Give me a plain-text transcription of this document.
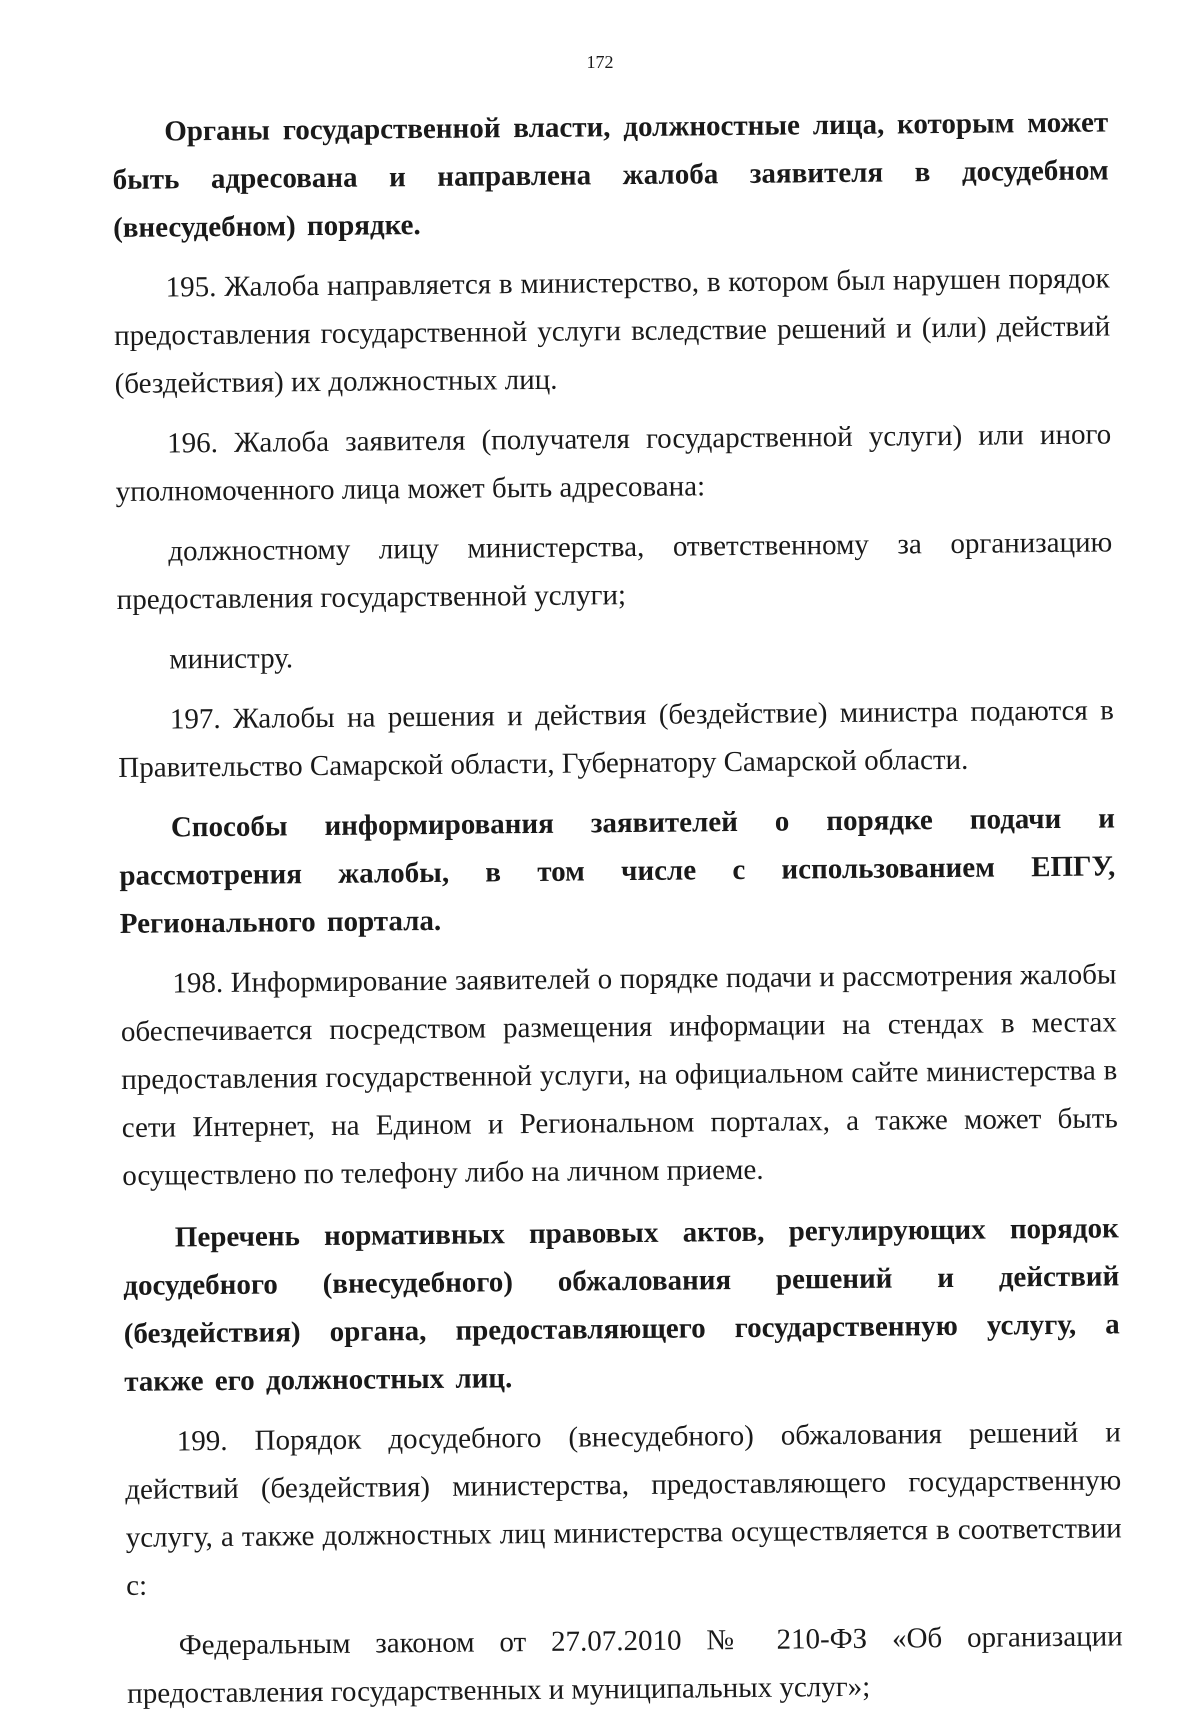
172

Органы государственной власти, должностные лица, которым может быть адресована и направлена жалоба заявителя в досудебном (внесудебном) порядке.

195. Жалоба направляется в министерство, в котором был нарушен порядок предоставления государственной услуги вследствие решений и (или) действий (бездействия) их должностных лиц.

196. Жалоба заявителя (получателя государственной услуги) или иного уполномоченного лица может быть адресована:

должностному лицу министерства, ответственному за организацию предоставления государственной услуги;

министру.

197. Жалобы на решения и действия (бездействие) министра подаются в Правительство Самарской области, Губернатору Самарской области.

Способы информирования заявителей о порядке подачи и рассмотрения жалобы, в том числе с использованием ЕПГУ, Регионального портала.

198. Информирование заявителей о порядке подачи и рассмотрения жалобы обеспечивается посредством размещения информации на стендах в местах предоставления государственной услуги, на официальном сайте министерства в сети Интернет, на Едином и Региональном порталах, а также может быть осуществлено по телефону либо на личном приеме.

Перечень нормативных правовых актов, регулирующих порядок досудебного (внесудебного) обжалования решений и действий (бездействия) органа, предоставляющего государственную услугу, а также его должностных лиц.

199. Порядок досудебного (внесудебного) обжалования решений и действий (бездействия) министерства, предоставляющего государственную услугу, а также должностных лиц министерства осуществляется в соответствии с:

Федеральным законом от 27.07.2010 № 210-ФЗ «Об организации предоставления государственных и муниципальных услуг»;
